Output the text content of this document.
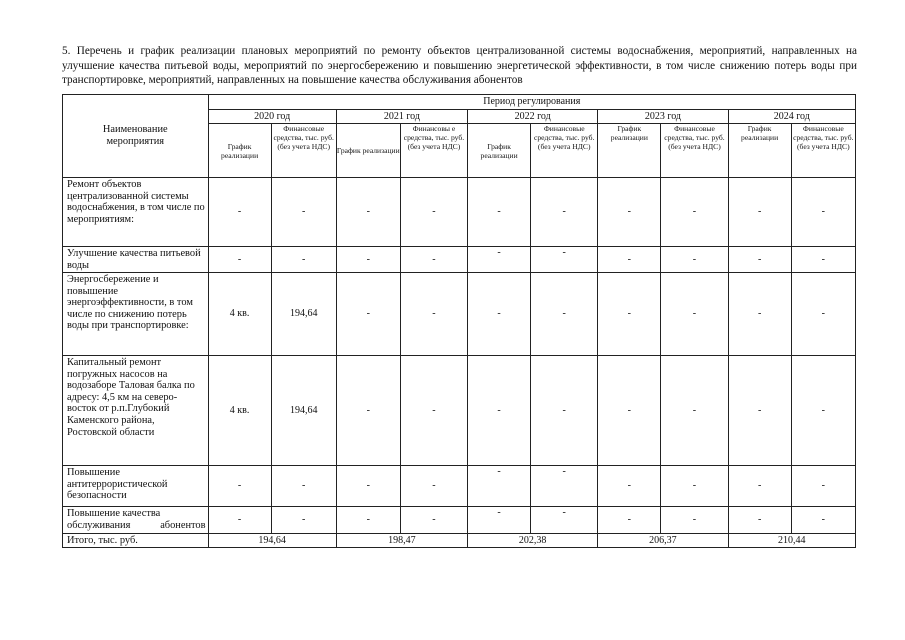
5. Перечень и график реализации плановых мероприятий по ремонту объектов централизованной системы водоснабжения, мероприятий, направленных на улучшение качества питьевой воды, мероприятий по энергосбережению и повышению энергетической эффективности, в том числе снижению потерь воды при транспортировке, мероприятий, направленных на повышение качества обслуживания абонентов
Наименование мероприятия	Период регулирования									
	2020 год		2021 год		2022 год		2023 год		2024 год	
	График реализации	Финансовые средства, тыс. руб. (без учета НДС)	График реализации	Финансовы е средства, тыс. руб. (без учета НДС)	График реализации	Финансовые средства, тыс. руб. (без учета НДС)	График реализации	Финансовые средства, тыс. руб. (без учета НДС)	График реализации	Финансовые средства, тыс. руб. (без учета НДС)
Ремонт объектов централизованной системы водоснабжения, в том числе по мероприятиям:	-	-	-	-	-	-	-	-	-	-
Улучшение качества питьевой воды	-	-	-	-	-	-	-	-	-	-
Энергосбережение и повышение энергоэффективности, в том числе по снижению потерь воды при транспортировке:	4 кв.	194,64	-	-	-	-	-	-	-	-
Капитальный ремонт погружных насосов на водозаборе Таловая балка по адресу: 4,5 км на северо-восток от р.п.Глубокий Каменского района, Ростовской области	4 кв.	194,64	-	-	-	-	-	-	-	-
Повышение антитеррористической безопасности	-	-	-	-	-	-	-	-	-	-
Повышение качества обслуживания абонентов	-	-	-	-	-	-	-	-	-	-
Итого, тыс. руб.	194,64		198,47		202,38		206,37		210,44	
